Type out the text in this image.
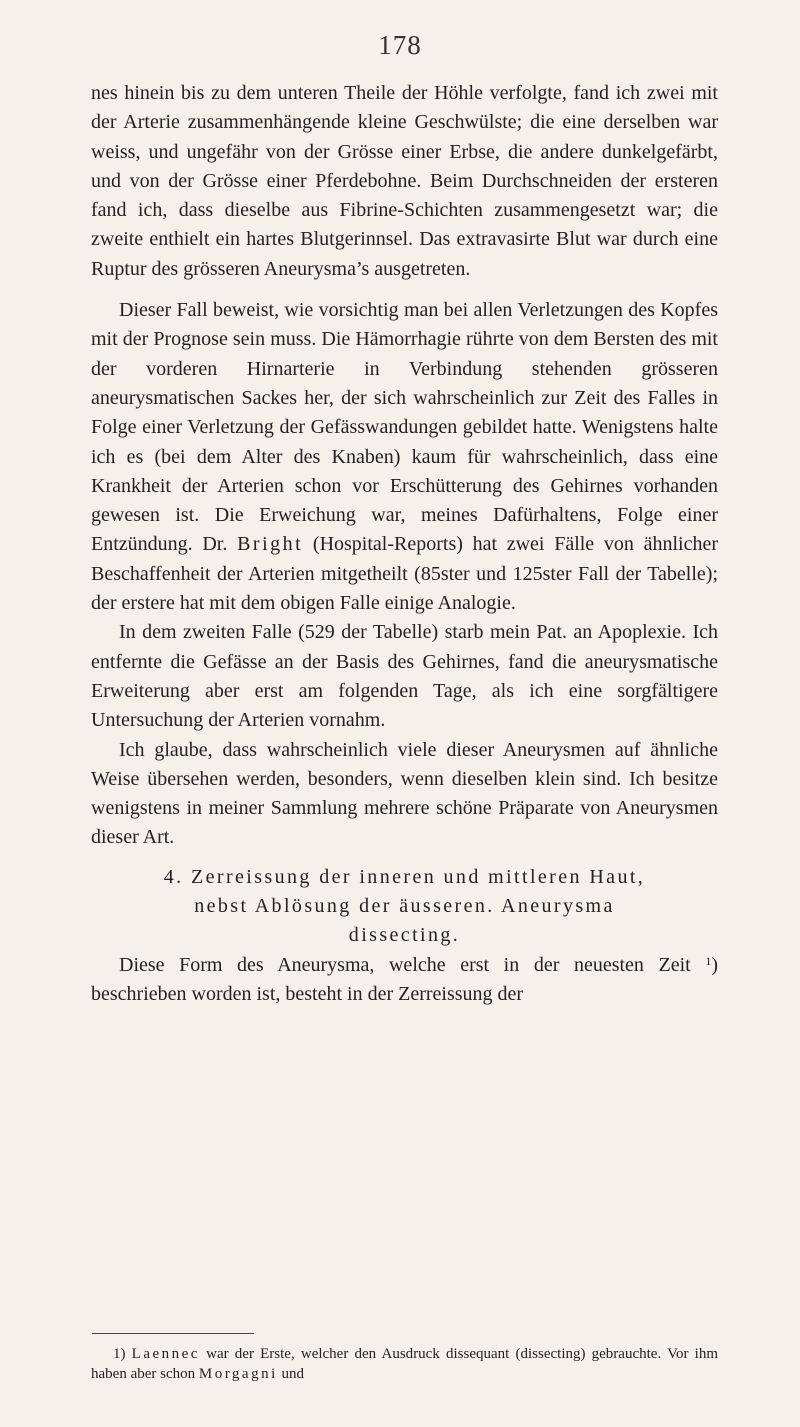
178

nes hinein bis zu dem unteren Theile der Höhle verfolgte, fand ich zwei mit der Arterie zusammenhängende kleine Geschwülste; die eine derselben war weiss, und ungefähr von der Grösse einer Erbse, die andere dunkelgefärbt, und von der Grösse einer Pferdebohne. Beim Durchschneiden der ersteren fand ich, dass dieselbe aus Fibrine-Schichten zusammengesetzt war; die zweite enthielt ein hartes Blutgerinnsel. Das extravasirte Blut war durch eine Ruptur des grösseren Aneurysma’s ausgetreten.

Dieser Fall beweist, wie vorsichtig man bei allen Verletzungen des Kopfes mit der Prognose sein muss. Die Hämorrhagie rührte von dem Bersten des mit der vorderen Hirnarterie in Verbindung stehenden grösseren aneurysmatischen Sackes her, der sich wahrscheinlich zur Zeit des Falles in Folge einer Verletzung der Gefässwandungen gebildet hatte. Wenigstens halte ich es (bei dem Alter des Knaben) kaum für wahrscheinlich, dass eine Krankheit der Arterien schon vor Erschütterung des Gehirnes vorhanden gewesen ist. Die Erweichung war, meines Dafürhaltens, Folge einer Entzündung. Dr. Bright (Hospital-Reports) hat zwei Fälle von ähnlicher Beschaffenheit der Arterien mitgetheilt (85ster und 125ster Fall der Tabelle); der erstere hat mit dem obigen Falle einige Analogie.

In dem zweiten Falle (529 der Tabelle) starb mein Pat. an Apoplexie. Ich entfernte die Gefässe an der Basis des Gehirnes, fand die aneurysmatische Erweiterung aber erst am folgenden Tage, als ich eine sorgfältigere Untersuchung der Arterien vornahm.

Ich glaube, dass wahrscheinlich viele dieser Aneurysmen auf ähnliche Weise übersehen werden, besonders, wenn dieselben klein sind. Ich besitze wenigstens in meiner Sammlung mehrere schöne Präparate von Aneurysmen dieser Art.

4. Zerreissung der inneren und mittleren Haut,
nebst Ablösung der äusseren. Aneurysma
dissecting.

Diese Form des Aneurysma, welche erst in der neuesten Zeit $^1$) beschrieben worden ist, besteht in der Zerreissung der

1) Laennec war der Erste, welcher den Ausdruck dissequant (dissecting) gebrauchte. Vor ihm haben aber schon Morgagni und
